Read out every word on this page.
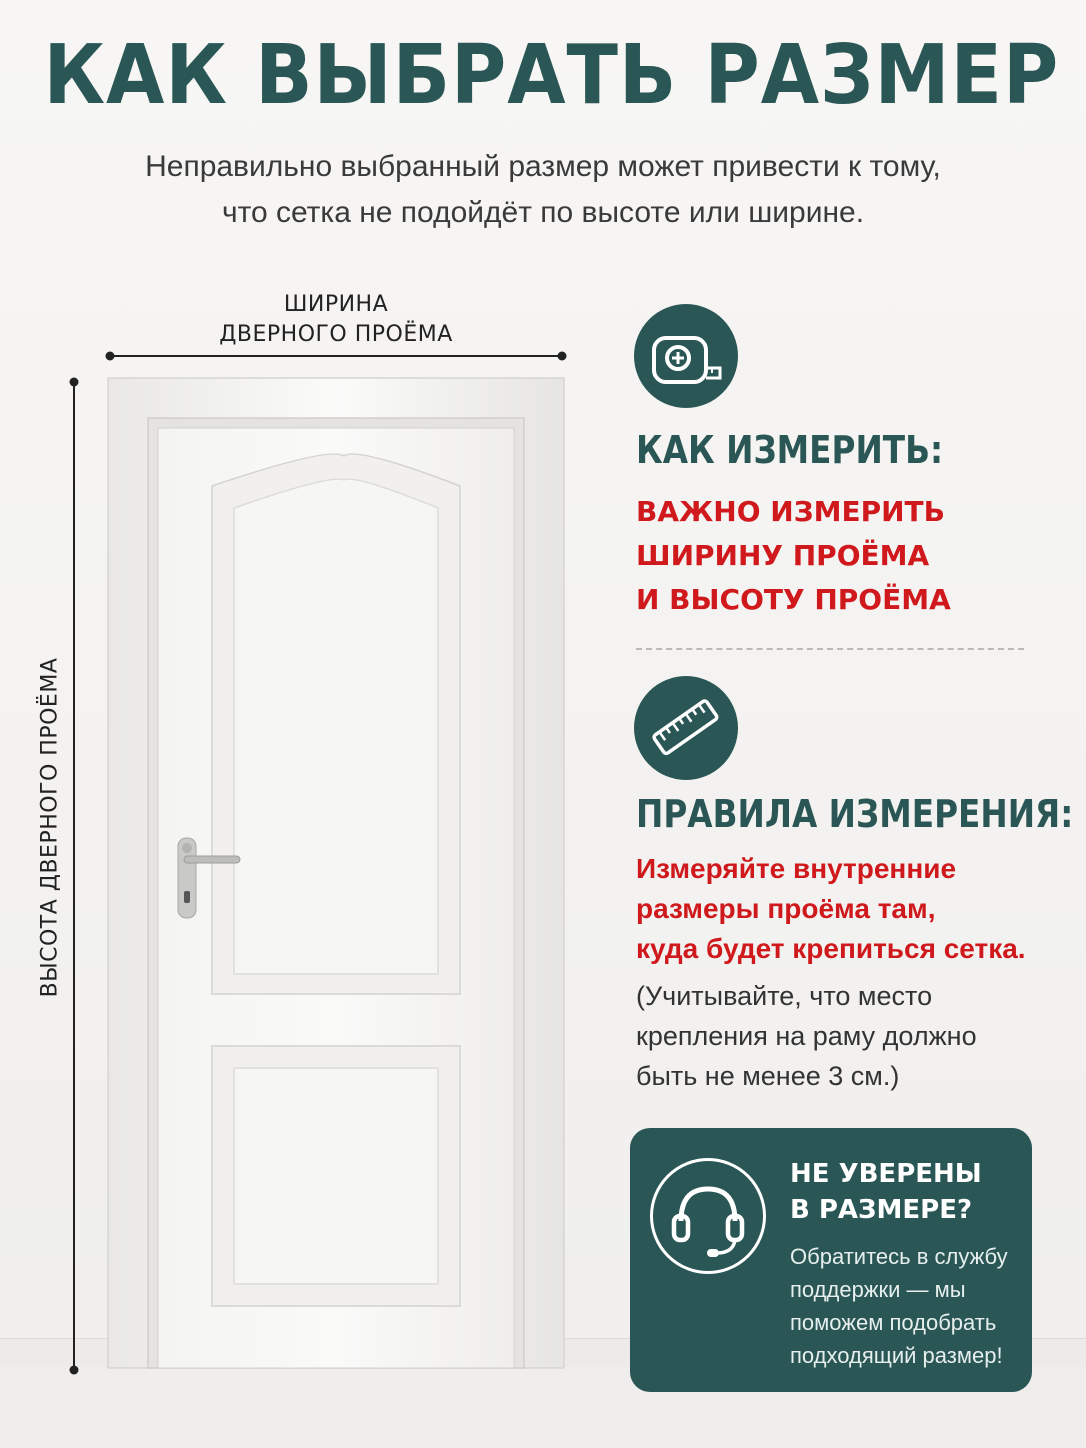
КАК ВЫБРАТЬ РАЗМЕР
Неправильно выбранный размер может привести к тому,
что сетка не подойдёт по высоте или ширине.
ШИРИНА
ДВЕРНОГО ПРОЁМА
ВЫСОТА ДВЕРНОГО ПРОЁМА
КАК ИЗМЕРИТЬ:
ВАЖНО ИЗМЕРИТЬ
ШИРИНУ ПРОЁМА
И ВЫСОТУ ПРОЁМА
ПРАВИЛА ИЗМЕРЕНИЯ:
Измеряйте внутренние
размеры проёма там,
куда будет крепиться сетка.
(Учитывайте, что место
крепления на раму должно
быть не менее 3 см.)
НЕ УВЕРЕНЫ
В РАЗМЕРЕ?
Обратитесь в службу
поддержки — мы
поможем подобрать
подходящий размер!
